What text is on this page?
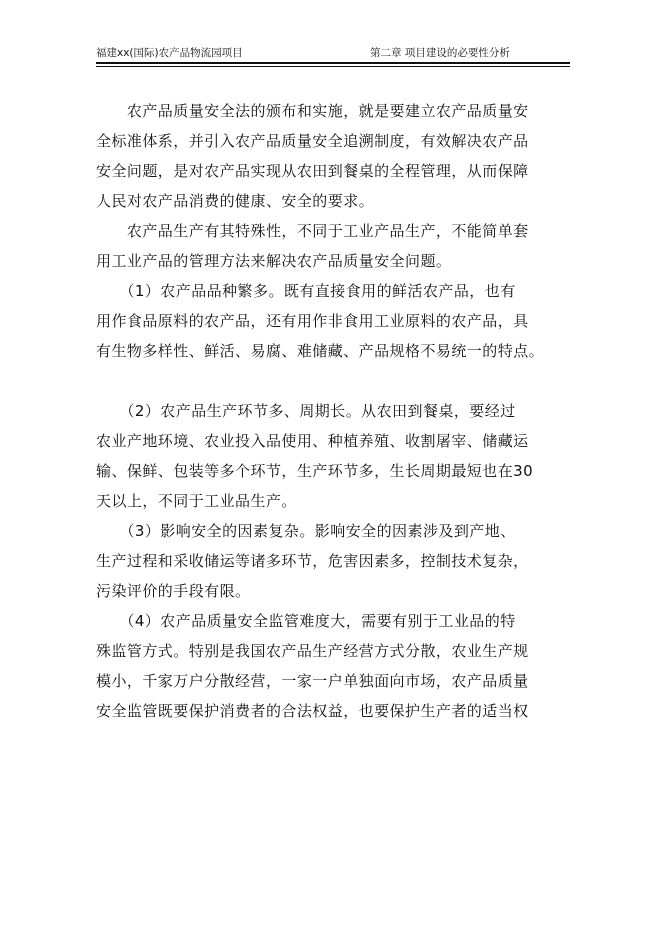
福建xx(国际)农产品物流园项目	第二章 项目建设的必要性分析
　　农产品质量安全法的颁布和实施，就是要建立农产品质量安
全标准体系，并引入农产品质量安全追溯制度，有效解决农产品
安全问题，是对农产品实现从农田到餐桌的全程管理，从而保障
人民对农产品消费的健康、安全的要求。
　　农产品生产有其特殊性，不同于工业产品生产，不能简单套
用工业产品的管理方法来解决农产品质量安全问题。
　　（1）农产品品种繁多。既有直接食用的鲜活农产品，也有
用作食品原料的农产品，还有用作非食用工业原料的农产品，具
有生物多样性、鲜活、易腐、难储藏、产品规格不易统一的特点。
　　（2）农产品生产环节多、周期长。从农田到餐桌，要经过
农业产地环境、农业投入品使用、种植养殖、收割屠宰、储藏运
输、保鲜、包装等多个环节，生产环节多，生长周期最短也在30
天以上，不同于工业品生产。
　　（3）影响安全的因素复杂。影响安全的因素涉及到产地、
生产过程和采收储运等诸多环节，危害因素多，控制技术复杂，
污染评价的手段有限。
　　（4）农产品质量安全监管难度大，需要有别于工业品的特
殊监管方式。特别是我国农产品生产经营方式分散，农业生产规
模小，千家万户分散经营，一家一户单独面向市场，农产品质量
安全监管既要保护消费者的合法权益，也要保护生产者的适当权
